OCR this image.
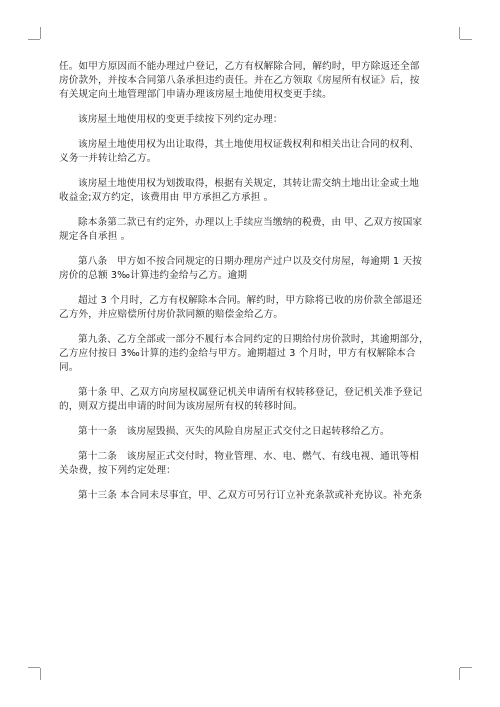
任。如甲方原因而不能办理过户登记，乙方有权解除合同，解约时，甲方除返还全部
房价款外，并按本合同第八条承担违约责任。并在乙方领取《房屋所有权证》后，按
有关规定向土地管理部门申请办理该房屋土地使用权变更手续。

该房屋土地使用权的变更手续按下列约定办理：

该房屋土地使用权为出让取得，其土地使用权证载权利和相关出让合同的权利、
义务一并转让给乙方。

该房屋土地使用权为划拨取得，根据有关规定，其转让需交纳土地出让金或土地
收益金;双方约定，该费用由 甲方承担乙方承担 。

除本条第二款已有约定外，办理以上手续应当缴纳的税费，由 甲、乙双方按国家
规定各自承担 。

第八条　甲方如不按合同规定的日期办理房产过户以及交付房屋，每逾期 1 天按
房价的总额 3‰计算违约金给与乙方。逾期

超过 3 个月时，乙方有权解除本合同。解约时，甲方除将已收的房价款全部退还
乙方外，并应赔偿所付房价款同额的赔偿金给乙方。

第九条、乙方全部或一部分不履行本合同约定的日期给付房价款时，其逾期部分，
乙方应付按日 3‰计算的违约金给与甲方。逾期超过 3 个月时，甲方有权解除本合
同。

第十条 甲、乙双方向房屋权属登记机关申请所有权转移登记，登记机关准予登记
的，则双方提出申请的时间为该房屋所有权的转移时间。

第十一条　该房屋毁损、灭失的风险自房屋正式交付之日起转移给乙方。

第十二条　该房屋正式交付时，物业管理、水、电、燃气、有线电视、通讯等相
关杂费，按下列约定处理：

第十三条 本合同未尽事宜，甲、乙双方可另行订立补充条款或补充协议。补充条
